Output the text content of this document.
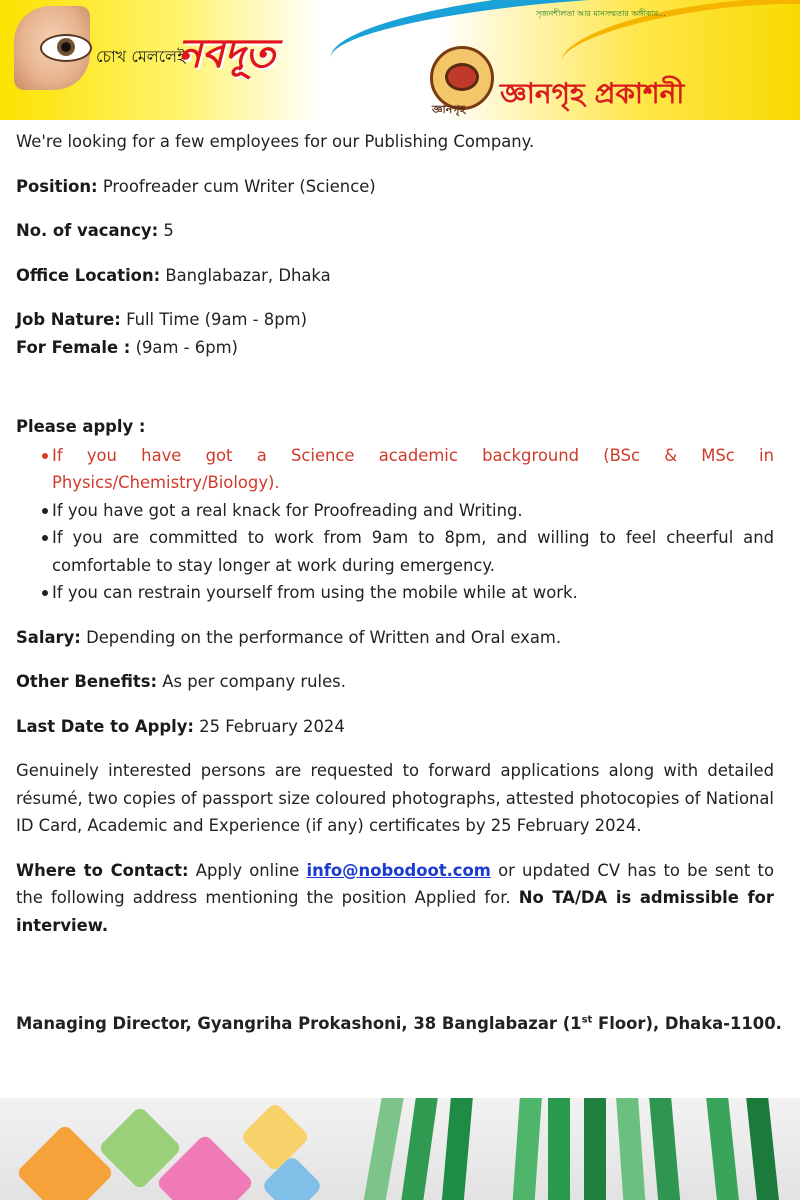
চোখ মেললেই
নবদূত
সৃজনশীলতা আর মানসম্মতার অঙ্গীকার...
জ্ঞানগৃহ জ্ঞানগৃহ প্রকাশনী

We're looking for a few employees for our Publishing Company.

Position: Proofreader cum Writer (Science)

No. of vacancy: 5

Office Location: Banglabazar, Dhaka

Job Nature: Full Time (9am - 8pm)

For Female : (9am - 6pm)

Please apply :

If you have got a Science academic background (BSc & MSc in Physics/Chemistry/Biology).
If you have got a real knack for Proofreading and Writing.
If you are committed to work from 9am to 8pm, and willing to feel cheerful and comfortable to stay longer at work during emergency.
If you can restrain yourself from using the mobile while at work.

Salary: Depending on the performance of Written and Oral exam.

Other Benefits: As per company rules.

Last Date to Apply: 25 February 2024

Genuinely interested persons are requested to forward applications along with detailed résumé, two copies of passport size coloured photographs, attested photocopies of National ID Card, Academic and Experience (if any) certificates by 25 February 2024.

Where to Contact: Apply online info@nobodoot.com or updated CV has to be sent to the following address mentioning the position Applied for. No TA/DA is admissible for interview.

Managing Director, Gyangriha Prokashoni, 38 Banglabazar (1st Floor), Dhaka-1100.
